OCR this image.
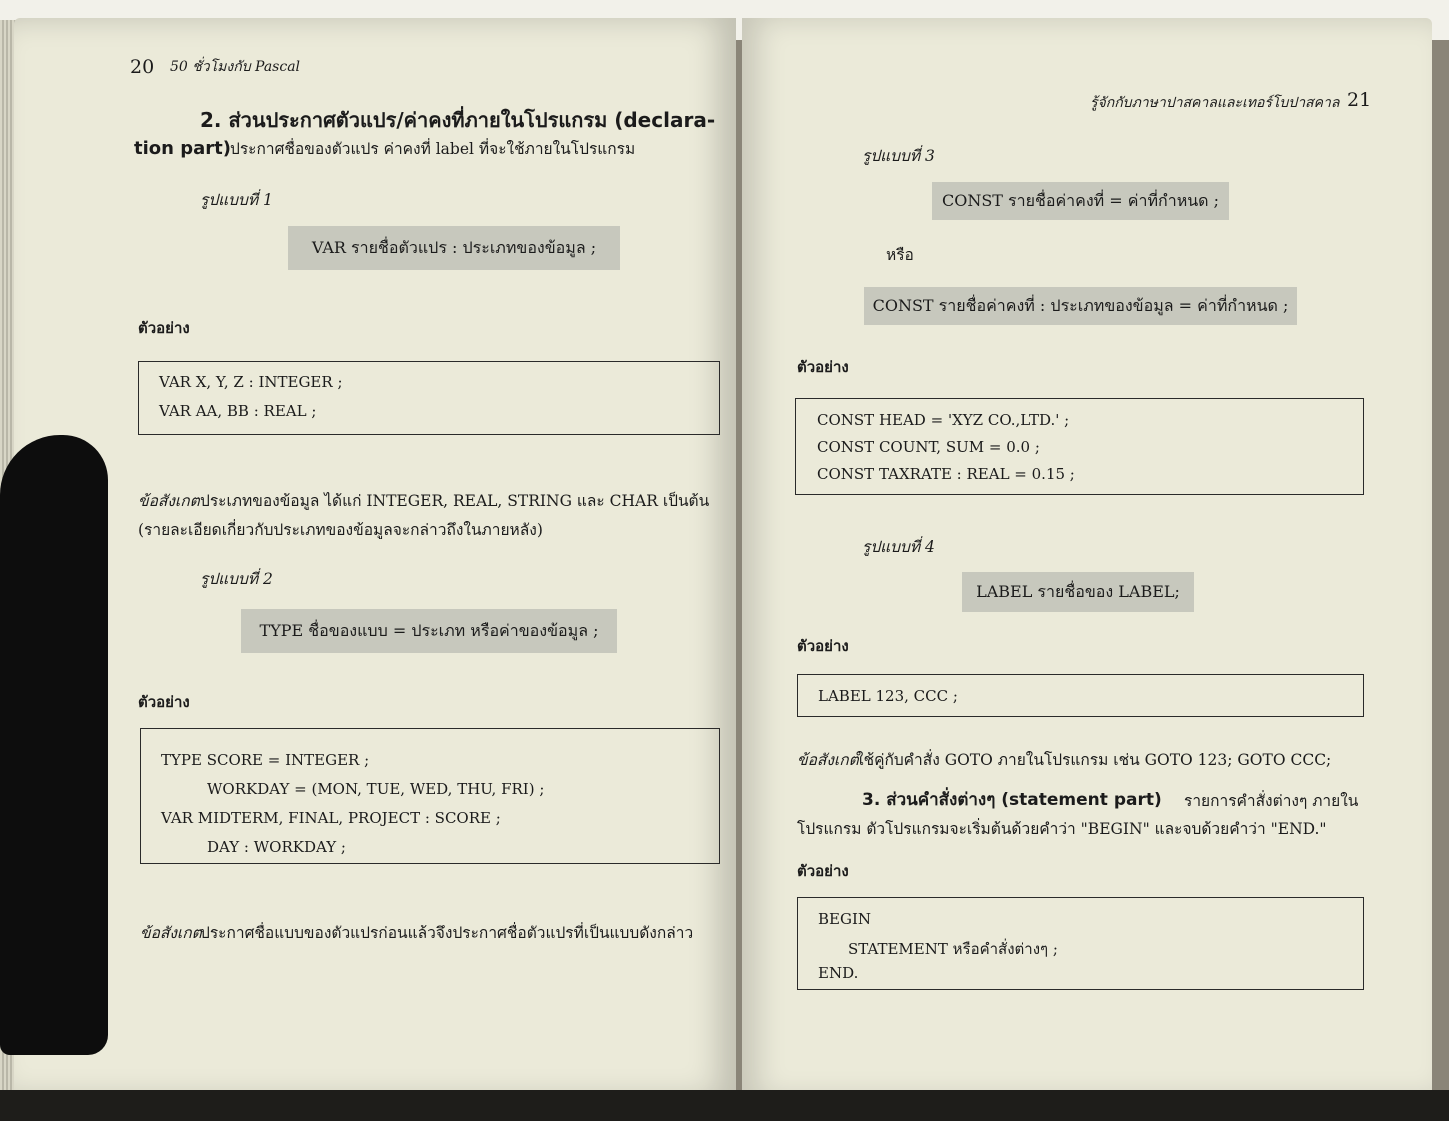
20 50 ชั่วโมงกับ Pascal
2. ส่วนประกาศตัวแปร/ค่าคงที่ภายในโปรแกรม (declara-
tion part) ประกาศชื่อของตัวแปร ค่าคงที่ label ที่จะใช้ภายในโปรแกรม
รูปแบบที่ 1
VAR รายชื่อตัวแปร : ประเภทของข้อมูล ;
ตัวอย่าง
VAR X, Y, Z : INTEGER ;
VAR AA, BB : REAL ;
ข้อสังเกต ประเภทของข้อมูล ได้แก่ INTEGER, REAL, STRING และ CHAR เป็นต้น
(รายละเอียดเกี่ยวกับประเภทของข้อมูลจะกล่าวถึงในภายหลัง)
รูปแบบที่ 2
TYPE ชื่อของแบบ = ประเภท หรือค่าของข้อมูล ;
ตัวอย่าง
TYPE SCORE = INTEGER ;
WORKDAY = (MON, TUE, WED, THU, FRI) ;
VAR MIDTERM, FINAL, PROJECT : SCORE ;
DAY : WORKDAY ;
ข้อสังเกต
ประกาศชื่อแบบของตัวแปรก่อนแล้วจึงประกาศชื่อตัวแปรที่เป็นแบบดังกล่าว
รู้จักกับภาษาปาสคาลและเทอร์โบปาสคาล 21
รูปแบบที่ 3
CONST รายชื่อค่าคงที่ = ค่าที่กำหนด ;
หรือ
CONST รายชื่อค่าคงที่ : ประเภทของข้อมูล = ค่าที่กำหนด ;
ตัวอย่าง
CONST HEAD = 'XYZ CO.,LTD.' ;
CONST COUNT, SUM = 0.0 ;
CONST TAXRATE : REAL = 0.15 ;
รูปแบบที่ 4
LABEL รายชื่อของ LABEL;
ตัวอย่าง
LABEL 123, CCC ;
ข้อสังเกต
ใช้คู่กับคำสั่ง GOTO ภายในโปรแกรม เช่น GOTO 123; GOTO CCC;
3. ส่วนคำสั่งต่างๆ (statement part) รายการคำสั่งต่างๆ ภายใน
โปรแกรม ตัวโปรแกรมจะเริ่มต้นด้วยคำว่า "BEGIN" และจบด้วยคำว่า "END."
ตัวอย่าง
BEGIN
STATEMENT หรือคำสั่งต่างๆ ;
END.
